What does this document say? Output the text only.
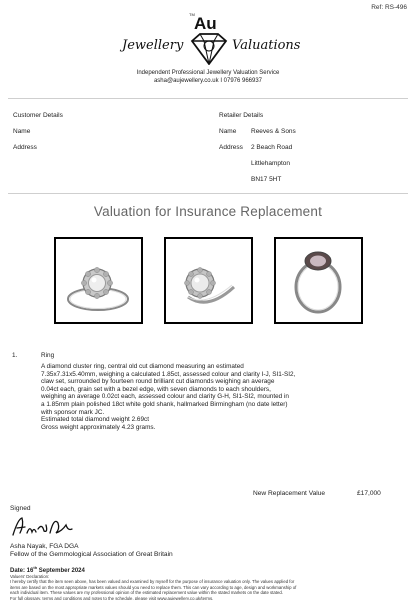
Ref: RS-496
TM Au
Jewellery	Valuations
Independent Professional Jewellery Valuation Service
asha@aujewellery.co.uk I 07976 966937
Customer Details
Name
Address
Retailer Details
Name Reeves & Sons
Address 2 Beach Road
Littlehampton
BN17 5HT
Valuation for Insurance Replacement
1.	Ring
A diamond cluster ring, central old cut diamond measuring an estimated
7.35x7.31x5.40mm, weighing a calculated 1.85ct, assessed colour and clarity I-J, SI1-SI2,
claw set, surrounded by fourteen round brilliant cut diamonds weighing an average
0.04ct each, grain set with a bezel edge, with seven diamonds to each shoulders,
weighing an average 0.02ct each, assessed colour and clarity G-H, SI1-SI2, mounted in
a 1.85mm plain polished 18ct white gold shank, hallmarked Birmingham (no date letter)
with sponsor mark JC.
Estimated total diamond weight 2.69ct
Gross weight approximately 4.23 grams.
New Replacement Value	£17,000
Signed
Asha Nayak, FGA DGA
Fellow of the Gemmological Association of Great Britain
Date: 16th September 2024
Valuers' Declaration:
I hereby certify that the item seen above, has been valued and examined by myself for the purpose of insurance valuation only. The values applied for
items are based on the most appropriate markets values should you need to replace them. This can vary according to age, design and workmanship of
each individual item. These values are my professional opinion of the estimated replacement value within the stated markets on the date stated.
For full glossary, terms and conditions and notes to the schedule, please visit www.aujewellery.co.uk/terms.
